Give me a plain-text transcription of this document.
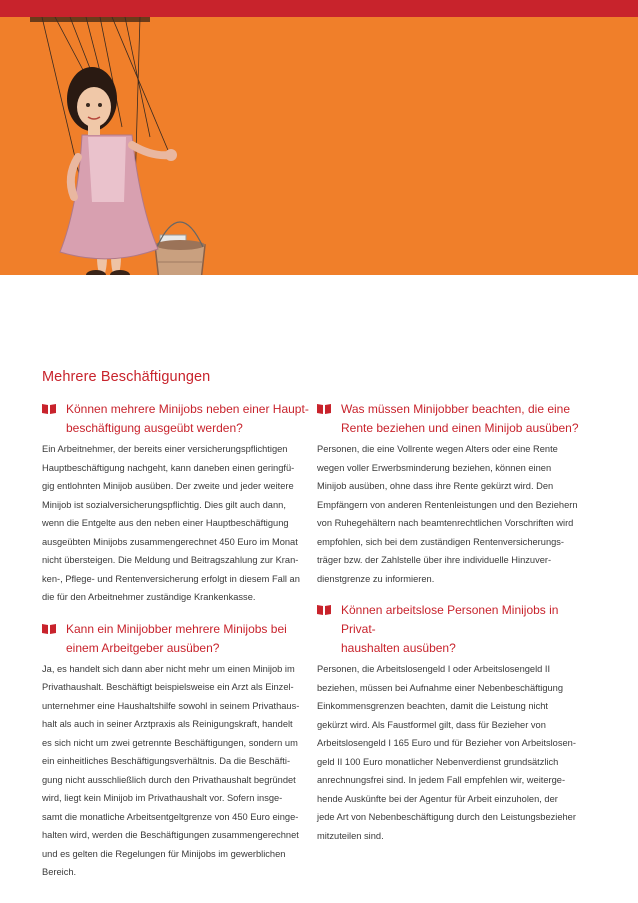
Mehrere Beschäftigungen
Können mehrere Minijobs neben einer Haupt-
beschäftigung ausgeübt werden?

Ein Arbeitnehmer, der bereits einer versicherungspflichtigen
Hauptbeschäftigung nachgeht, kann daneben einen geringfü-
gig entlohnten Minijob ausüben. Der zweite und jeder weitere
Minijob ist sozialversicherungspflichtig. Dies gilt auch dann,
wenn die Entgelte aus den neben einer Hauptbeschäftigung
ausgeübten Minijobs zusammengerechnet 450 Euro im Monat
nicht übersteigen. Die Meldung und Beitragszahlung zur Kran-
ken-, Pflege- und Rentenversicherung erfolgt in diesem Fall an
die für den Arbeitnehmer zuständige Krankenkasse.

Kann ein Minijobber mehrere Minijobs bei
einem Arbeitgeber ausüben?

Ja, es handelt sich dann aber nicht mehr um einen Minijob im
Privathaushalt. Beschäftigt beispielsweise ein Arzt als Einzel-
unternehmer eine Haushaltshilfe sowohl in seinem Privathaus-
halt als auch in seiner Arztpraxis als Reinigungskraft, handelt
es sich nicht um zwei getrennte Beschäftigungen, sondern um
ein einheitliches Beschäftigungsverhältnis. Da die Beschäfti-
gung nicht ausschließlich durch den Privathaushalt begründet
wird, liegt kein Minijob im Privathaushalt vor. Sofern insge-
samt die monatliche Arbeitsentgeltgrenze von 450 Euro einge-
halten wird, werden die Beschäftigungen zusammengerechnet
und es gelten die Regelungen für Minijobs im gewerblichen
Bereich.

Was müssen Minijobber beachten, die eine
Rente beziehen und einen Minijob ausüben?

Personen, die eine Vollrente wegen Alters oder eine Rente
wegen voller Erwerbsminderung beziehen, können einen
Minijob ausüben, ohne dass ihre Rente gekürzt wird. Den
Empfängern von anderen Rentenleistungen und den Beziehern
von Ruhegehältern nach beamtenrechtlichen Vorschriften wird
empfohlen, sich bei dem zuständigen Rentenversicherungs-
träger bzw. der Zahlstelle über ihre individuelle Hinzuver-
dienstgrenze zu informieren.

Können arbeitslose Personen Minijobs in Privat-
haushalten ausüben?

Personen, die Arbeitslosengeld I oder Arbeitslosengeld II
beziehen, müssen bei Aufnahme einer Nebenbeschäftigung
Einkommensgrenzen beachten, damit die Leistung nicht
gekürzt wird. Als Faustformel gilt, dass für Bezieher von
Arbeitslosengeld I 165 Euro und für Bezieher von Arbeitslosen-
geld II 100 Euro monatlicher Nebenverdienst grundsätzlich
anrechnungsfrei sind. In jedem Fall empfehlen wir, weiterge-
hende Auskünfte bei der Agentur für Arbeit einzuholen, der
jede Art von Nebenbeschäftigung durch den Leistungsbezieher
mitzuteilen sind.
